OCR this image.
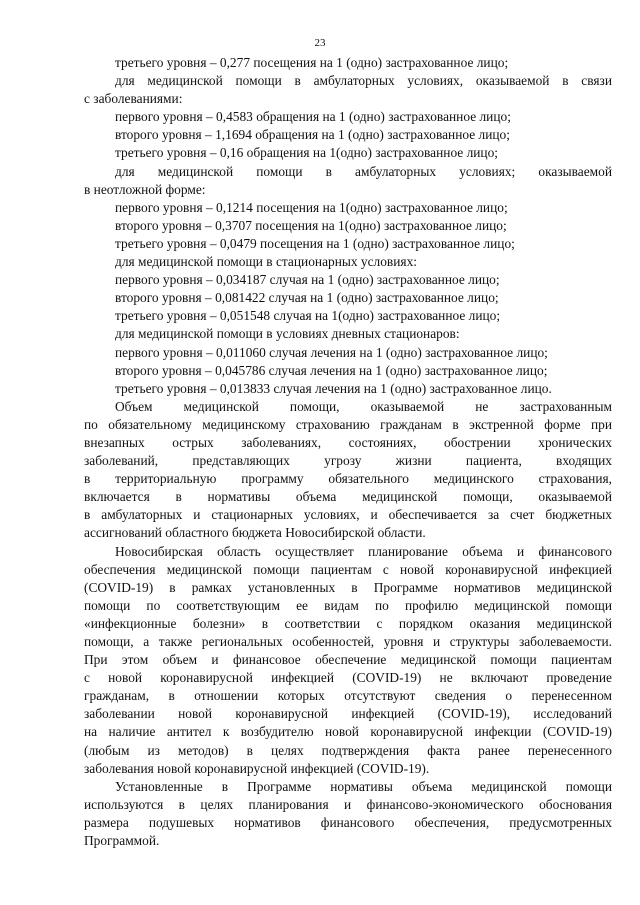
23
третьего уровня – 0,277 посещения на 1 (одно) застрахованное лицо;
для медицинской помощи в амбулаторных условиях, оказываемой в связи
с заболеваниями:
первого уровня – 0,4583 обращения на 1 (одно) застрахованное лицо;
второго уровня – 1,1694 обращения на 1 (одно) застрахованное лицо;
третьего уровня – 0,16 обращения на 1(одно) застрахованное лицо;
для медицинской помощи в амбулаторных условиях; оказываемой
в неотложной форме:
первого уровня – 0,1214 посещения на 1(одно) застрахованное лицо;
второго уровня – 0,3707 посещения на 1(одно) застрахованное лицо;
третьего уровня – 0,0479 посещения на 1 (одно) застрахованное лицо;
для медицинской помощи в стационарных условиях:
первого уровня – 0,034187 случая на 1 (одно) застрахованное лицо;
второго уровня – 0,081422 случая на 1 (одно) застрахованное лицо;
третьего уровня – 0,051548 случая на 1(одно) застрахованное лицо;
для медицинской помощи в условиях дневных стационаров:
первого уровня – 0,011060 случая лечения на 1 (одно) застрахованное лицо;
второго уровня – 0,045786 случая лечения на 1 (одно) застрахованное лицо;
третьего уровня – 0,013833 случая лечения на 1 (одно) застрахованное лицо.
Объем медицинской помощи, оказываемой не застрахованным
по обязательному медицинскому страхованию гражданам в экстренной форме при
внезапных острых заболеваниях, состояниях, обострении хронических
заболеваний, представляющих угрозу жизни пациента, входящих
в территориальную программу обязательного медицинского страхования,
включается в нормативы объема медицинской помощи, оказываемой
в амбулаторных и стационарных условиях, и обеспечивается за счет бюджетных
ассигнований областного бюджета Новосибирской области.
Новосибирская область осуществляет планирование объема и финансового
обеспечения медицинской помощи пациентам с новой коронавирусной инфекцией
(COVID-19) в рамках установленных в Программе нормативов медицинской
помощи по соответствующим ее видам по профилю медицинской помощи
«инфекционные болезни» в соответствии с порядком оказания медицинской
помощи, а также региональных особенностей, уровня и структуры заболеваемости.
При этом объем и финансовое обеспечение медицинской помощи пациентам
с новой коронавирусной инфекцией (COVID-19) не включают проведение
гражданам, в отношении которых отсутствуют сведения о перенесенном
заболевании новой коронавирусной инфекцией (COVID-19), исследований
на наличие антител к возбудителю новой коронавирусной инфекции (COVID-19)
(любым из методов) в целях подтверждения факта ранее перенесенного
заболевания новой коронавирусной инфекцией (COVID-19).
Установленные в Программе нормативы объема медицинской помощи
используются в целях планирования и финансово-экономического обоснования
размера подушевых нормативов финансового обеспечения, предусмотренных
Программой.
